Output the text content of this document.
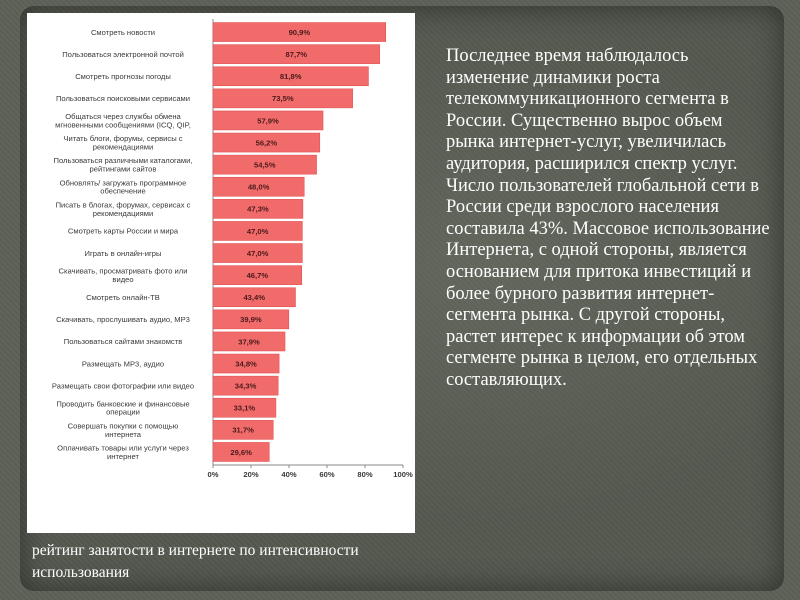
90,9%
Смотреть новости
87,7%
Пользоваться электронной почтой
81,8%
Смотреть прогнозы погоды
73,5%
Пользоваться поисковыми сервисами
57,9%
Общаться через службы обмена мгновенными сообщениями (ICQ, QIP,
56,2%
Читать блоги, форумы, сервисы с рекомендациями
54,5%
Пользоваться различными каталогами, рейтингами сайтов
48,0%
Обновлять/ загружать программное обеспечение
47,3%
Писать в блогах, форумах, сервисах с рекомендациями
47,0%
Смотреть карты России и мира
47,0%
Играть в онлайн-игры
46,7%
Скачивать, просматривать фото или видео
43,4%
Смотреть онлайн-ТВ
39,9%
Скачивать, прослушивать аудио, MP3
37,9%
Пользоваться сайтами знакомств
34,8%
Размещать MP3, аудио
34,3%
Размещать свои фотографии или видео
33,1%
Проводить банковские и финансовые операции
31,7%
Совершать покупки с помощью интернета
29,6%
Оплачивать товары или услуги через интернет
0%	20%	40%	60%	80%	100%

Последнее время наблюдалось изменение динамики роста телекоммуникационного сегмента в России. Существенно вырос объем рынка интернет-услуг, увеличилась аудитория, расширился спектр услуг. Число пользователей глобальной сети в России среди взрослого населения составила 43%. Массовое использование Интернета, с одной стороны, является основанием для притока инвестиций и более бурного развития интернет-сегмента рынка. С другой стороны, растет интерес к информации об этом сегменте рынка в целом, его отдельных составляющих.

рейтинг занятости в интернете по интенсивности использования
